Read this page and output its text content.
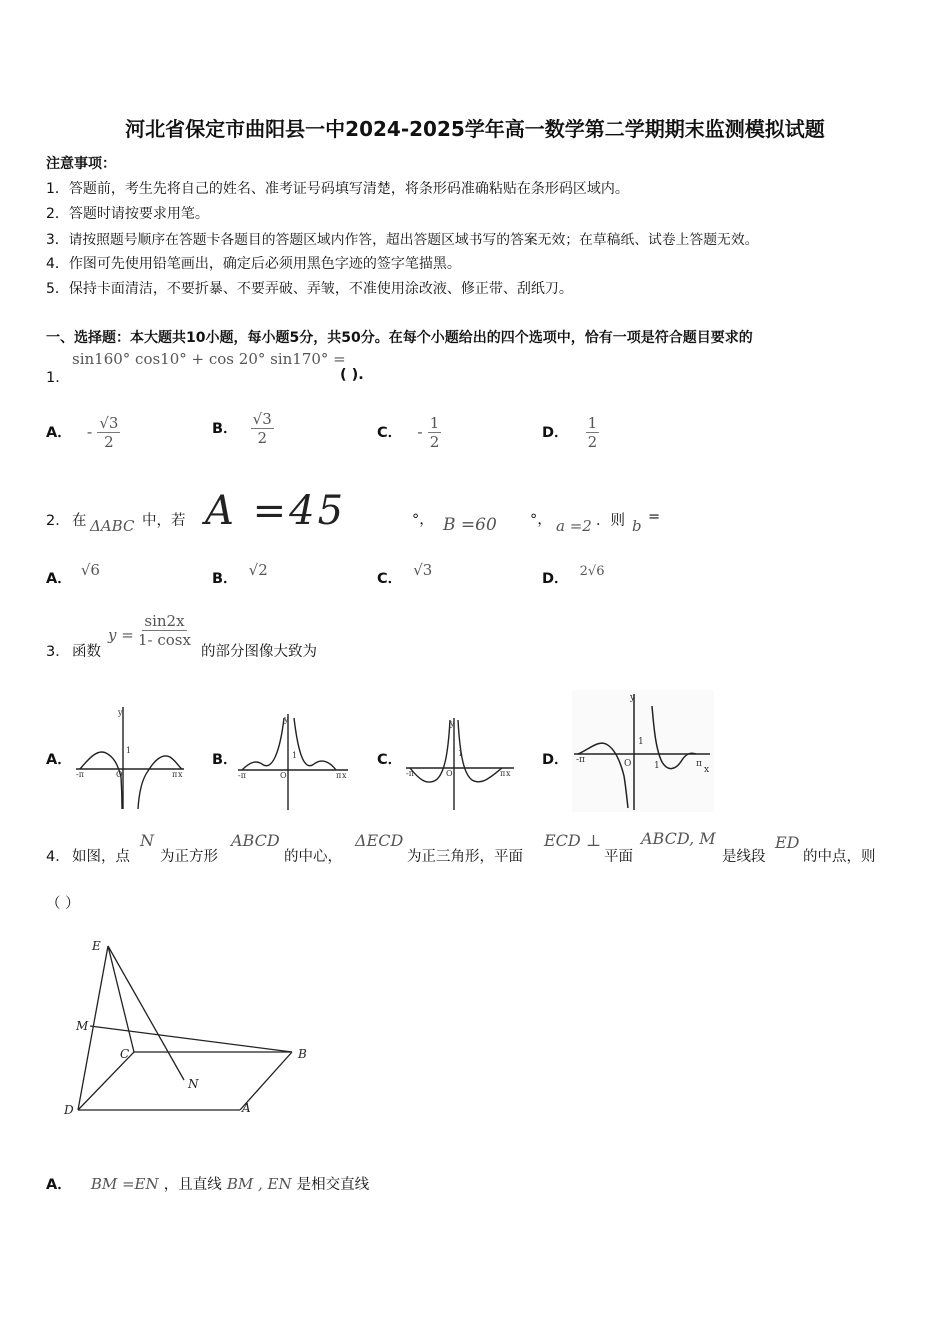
河北省保定市曲阳县一中2024-2025学年高一数学第二学期期末监测模拟试题
注意事项：
1．答题前，考生先将自己的姓名、准考证号码填写清楚，将条形码准确粘贴在条形码区域内。
2．答题时请按要求用笔。
3．请按照题号顺序在答题卡各题目的答题区域内作答，超出答题区域书写的答案无效；在草稿纸、试卷上答题无效。
4．作图可先使用铅笔画出，确定后必须用黑色字迹的签字笔描黑。
5．保持卡面清洁，不要折暴、不要弄破、弄皱，不准使用涂改液、修正带、刮纸刀。
一、选择题：本大题共10小题，每小题5分，共50分。在每个小题给出的四个选项中，恰有一项是符合题目要求的
1．
sin160° cos10° + cos 20° sin170° =
( ).
A． - $\frac{√3}{2}$	B． $\frac{√3}{2}$	C． - $\frac{1}{2}$	D． $\frac{1}{2}$
2． 在 ΔABC 中，若 A =45	°， B =60 °， a =2 ．则 b =
A． √6	B． √2	C． √3	D． 2√6
3． 函数
$y = \frac{\sin 2x}{1- \cos x}$
的部分图像大致为
A．	B．	C．	D．
y
O
1
π x
-π
y
O
1
π x
-π
y
O
1
π x
-π
y
O
1
1	π
x
-π
4． 如图，点
N
为正方形
ABCD
的中心，
ΔECD
为正三角形，平面
ECD ⊥
平面
ABCD, M
是线段
ED
的中点，则
（ ）
E
M
C	B
N
D	A
A． BM =EN ，且直线 BM , EN 是相交直线
